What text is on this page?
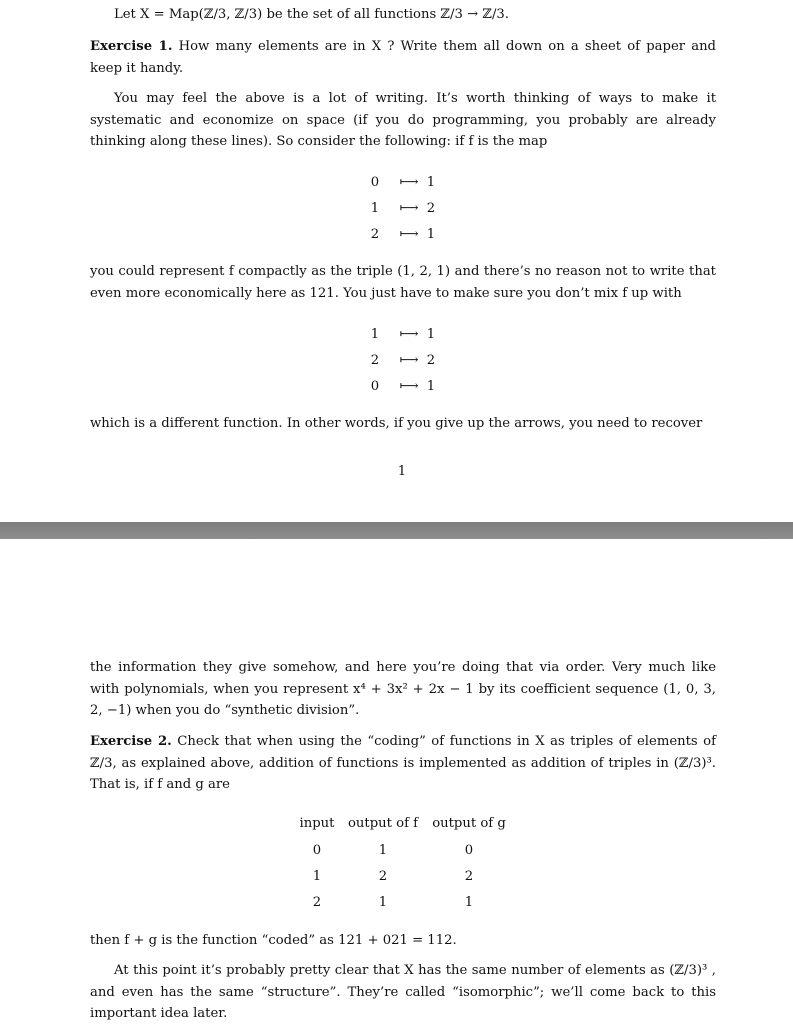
Let X = Map(ℤ/3, ℤ/3) be the set of all functions ℤ/3 → ℤ/3.
Exercise 1. How many elements are in X ? Write them all down on a sheet of paper and keep it handy.
You may feel the above is a lot of writing. It’s worth thinking of ways to make it systematic and economize on space (if you do programming, you probably are already thinking along these lines). So consider the following: if f is the map
0	⟼ 1
1	⟼ 2
2	⟼ 1
you could represent f compactly as the triple (1, 2, 1) and there’s no reason not to write that even more economically here as 121. You just have to make sure you don’t mix f up with
1	⟼ 1
2	⟼ 2
0	⟼ 1
which is a different function. In other words, if you give up the arrows, you need to recover
1
the information they give somehow, and here you’re doing that via order. Very much like with polynomials, when you represent x⁴ + 3x² + 2x − 1 by its coefficient sequence (1, 0, 3, 2, −1) when you do “synthetic division”.
Exercise 2. Check that when using the “coding” of functions in X as triples of elements of ℤ/3, as explained above, addition of functions is implemented as addition of triples in (ℤ/3)³. That is, if f and g are
input	output of f	output of g
0	1	0
1	2	2
2	1	1
then f + g is the function “coded” as 121 + 021 = 112.
At this point it’s probably pretty clear that X has the same number of elements as (ℤ/3)³ , and even has the same “structure”. They’re called “isomorphic”; we’ll come back to this important idea later.
